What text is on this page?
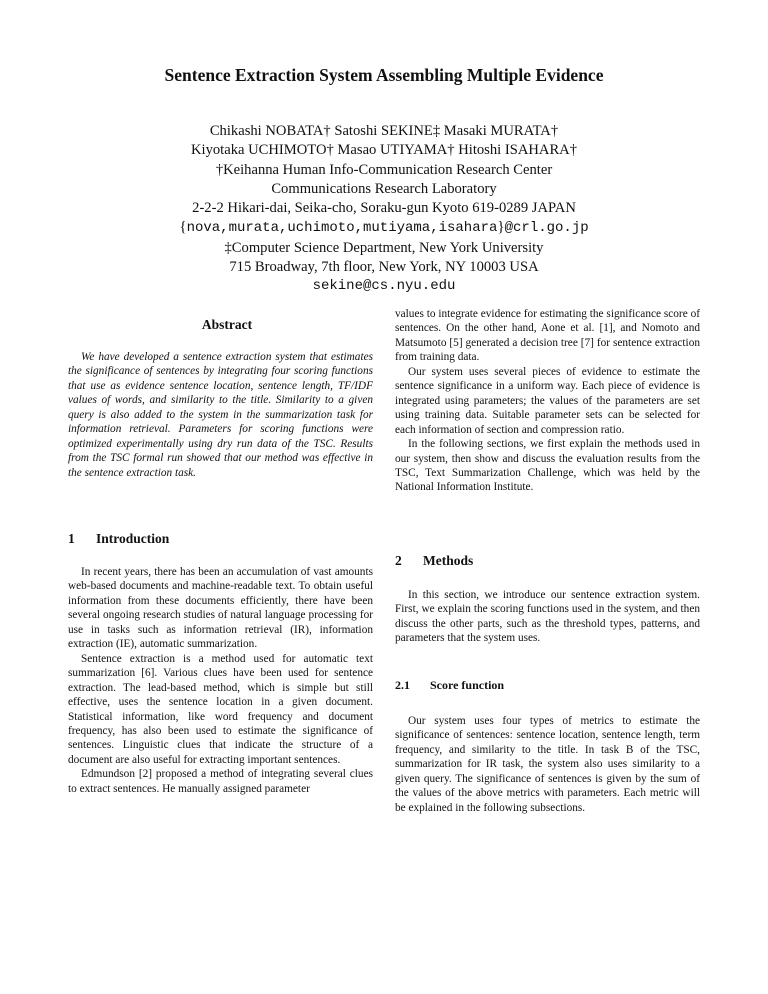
Sentence Extraction System Assembling Multiple Evidence
Chikashi NOBATA† Satoshi SEKINE‡ Masaki MURATA†
Kiyotaka UCHIMOTO† Masao UTIYAMA† Hitoshi ISAHARA†
†Keihanna Human Info-Communication Research Center
Communications Research Laboratory
2-2-2 Hikari-dai, Seika-cho, Soraku-gun Kyoto 619-0289 JAPAN
{nova,murata,uchimoto,mutiyama,isahara}@crl.go.jp
‡Computer Science Department, New York University
715 Broadway, 7th floor, New York, NY 10003 USA
sekine@cs.nyu.edu
Abstract

We have developed a sentence extraction system that estimates the significance of sentences by integrating four scoring functions that use as evidence sentence location, sentence length, TF/IDF values of words, and similarity to the title. Similarity to a given query is also added to the system in the summarization task for information retrieval. Parameters for scoring functions were optimized experimentally using dry run data of the TSC. Results from the TSC formal run showed that our method was effective in the sentence extraction task.

1 Introduction

In recent years, there has been an accumulation of vast amounts web-based documents and machine-readable text. To obtain useful information from these documents efficiently, there have been several ongoing research studies of natural language processing for use in tasks such as information retrieval (IR), information extraction (IE), automatic summarization.

Sentence extraction is a method used for automatic text summarization [6]. Various clues have been used for sentence extraction. The lead-based method, which is simple but still effective, uses the sentence location in a given document. Statistical information, like word frequency and document frequency, has also been used to estimate the significance of sentences. Linguistic clues that indicate the structure of a document are also useful for extracting important sentences.

Edmundson [2] proposed a method of integrating several clues to extract sentences. He manually assigned parameter

values to integrate evidence for estimating the significance score of sentences. On the other hand, Aone et al. [1], and Nomoto and Matsumoto [5] generated a decision tree [7] for sentence extraction from training data.

Our system uses several pieces of evidence to estimate the sentence significance in a uniform way. Each piece of evidence is integrated using parameters; the values of the parameters are set using training data. Suitable parameter sets can be selected for each information of section and compression ratio.

In the following sections, we first explain the methods used in our system, then show and discuss the evaluation results from the TSC, Text Summarization Challenge, which was held by the National Information Institute.

2 Methods

In this section, we introduce our sentence extraction system. First, we explain the scoring functions used in the system, and then discuss the other parts, such as the threshold types, patterns, and parameters that the system uses.

2.1 Score function

Our system uses four types of metrics to estimate the significance of sentences: sentence location, sentence length, term frequency, and similarity to the title. In task B of the TSC, summarization for IR task, the system also uses similarity to a given query. The significance of sentences is given by the sum of the values of the above metrics with parameters. Each metric will be explained in the following subsections.
